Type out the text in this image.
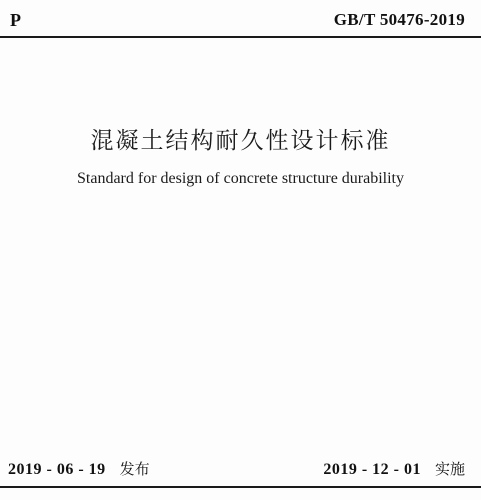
P	GB/T 50476-2019
混凝土结构耐久性设计标准
Standard for design of concrete structure durability
2019 - 06 - 19 发布	2019 - 12 - 01 实施
